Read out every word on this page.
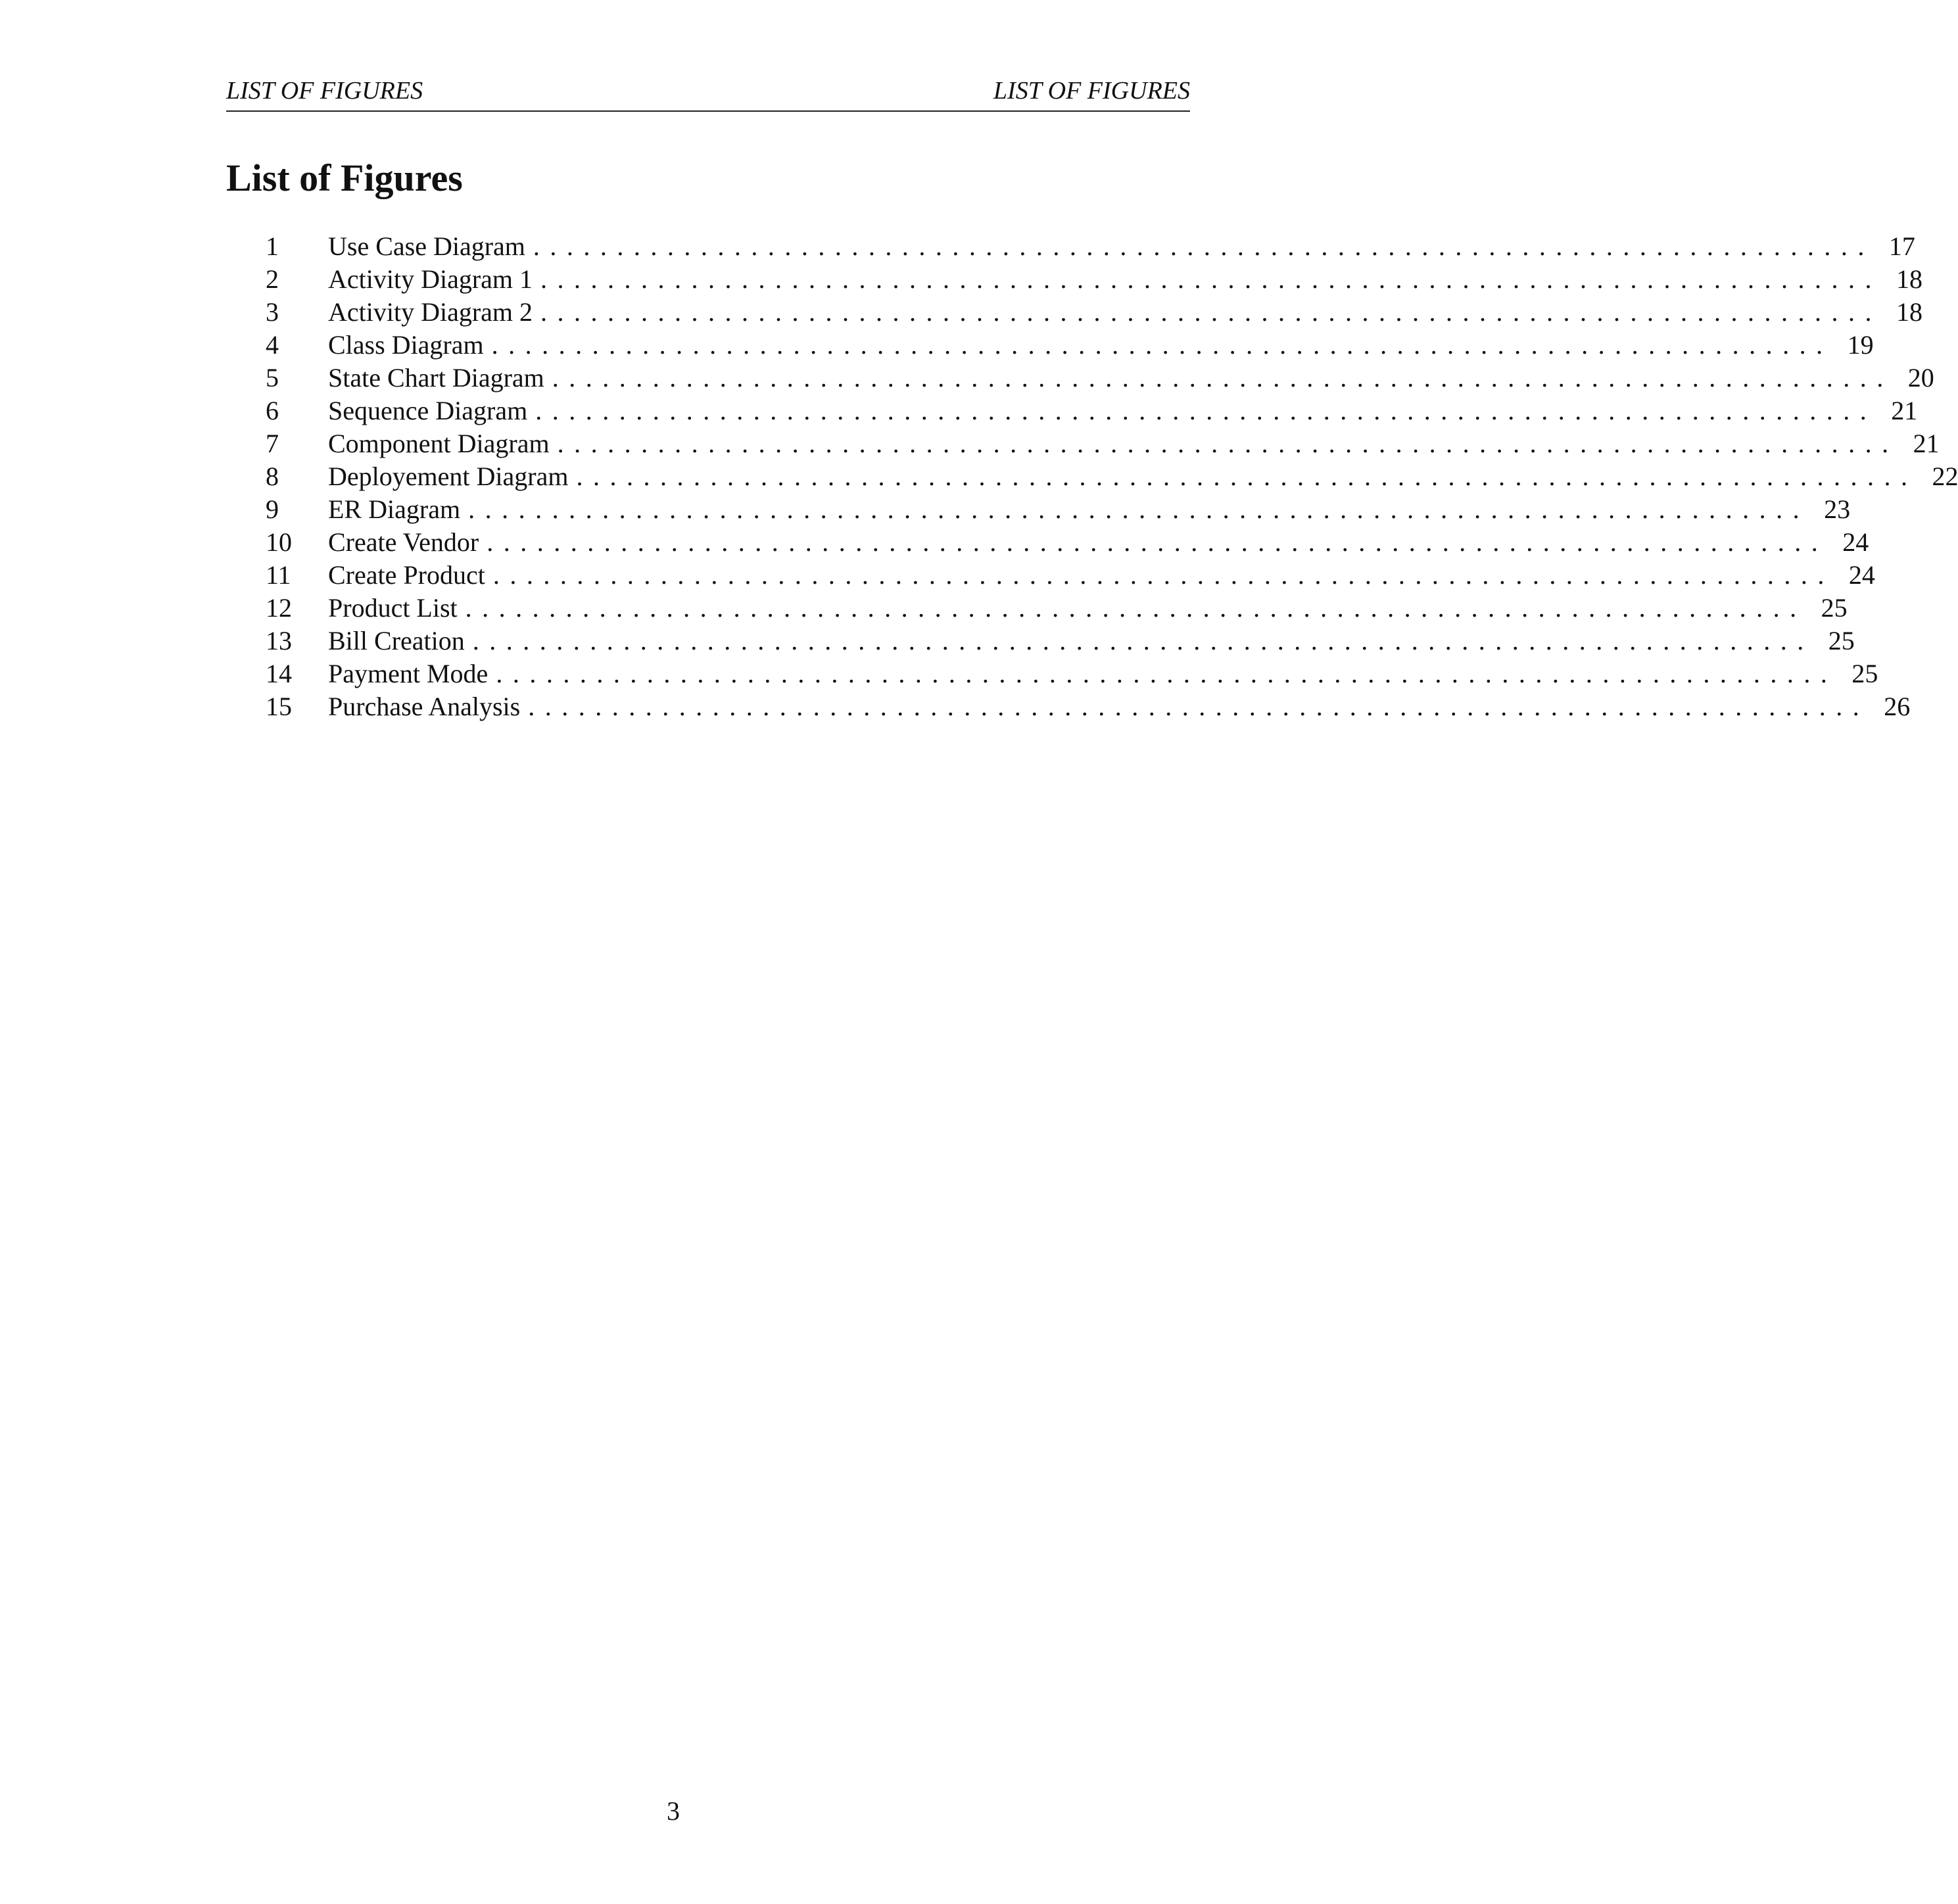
LIST OF FIGURES	LIST OF FIGURES
List of Figures
1 Use Case Diagram ................................................................................ 17
2 Activity Diagram 1 ................................................................................ 18
3 Activity Diagram 2 ................................................................................ 18
4 Class Diagram ................................................................................ 19
5 State Chart Diagram ................................................................................ 20
6 Sequence Diagram ................................................................................ 21
7 Component Diagram ................................................................................ 21
8 Deployement Diagram ................................................................................ 22
9 ER Diagram ................................................................................ 23
10 Create Vendor ................................................................................ 24
11 Create Product ................................................................................ 24
12 Product List ................................................................................ 25
13 Bill Creation ................................................................................ 25
14 Payment Mode ................................................................................ 25
15 Purchase Analysis ................................................................................ 26
3
